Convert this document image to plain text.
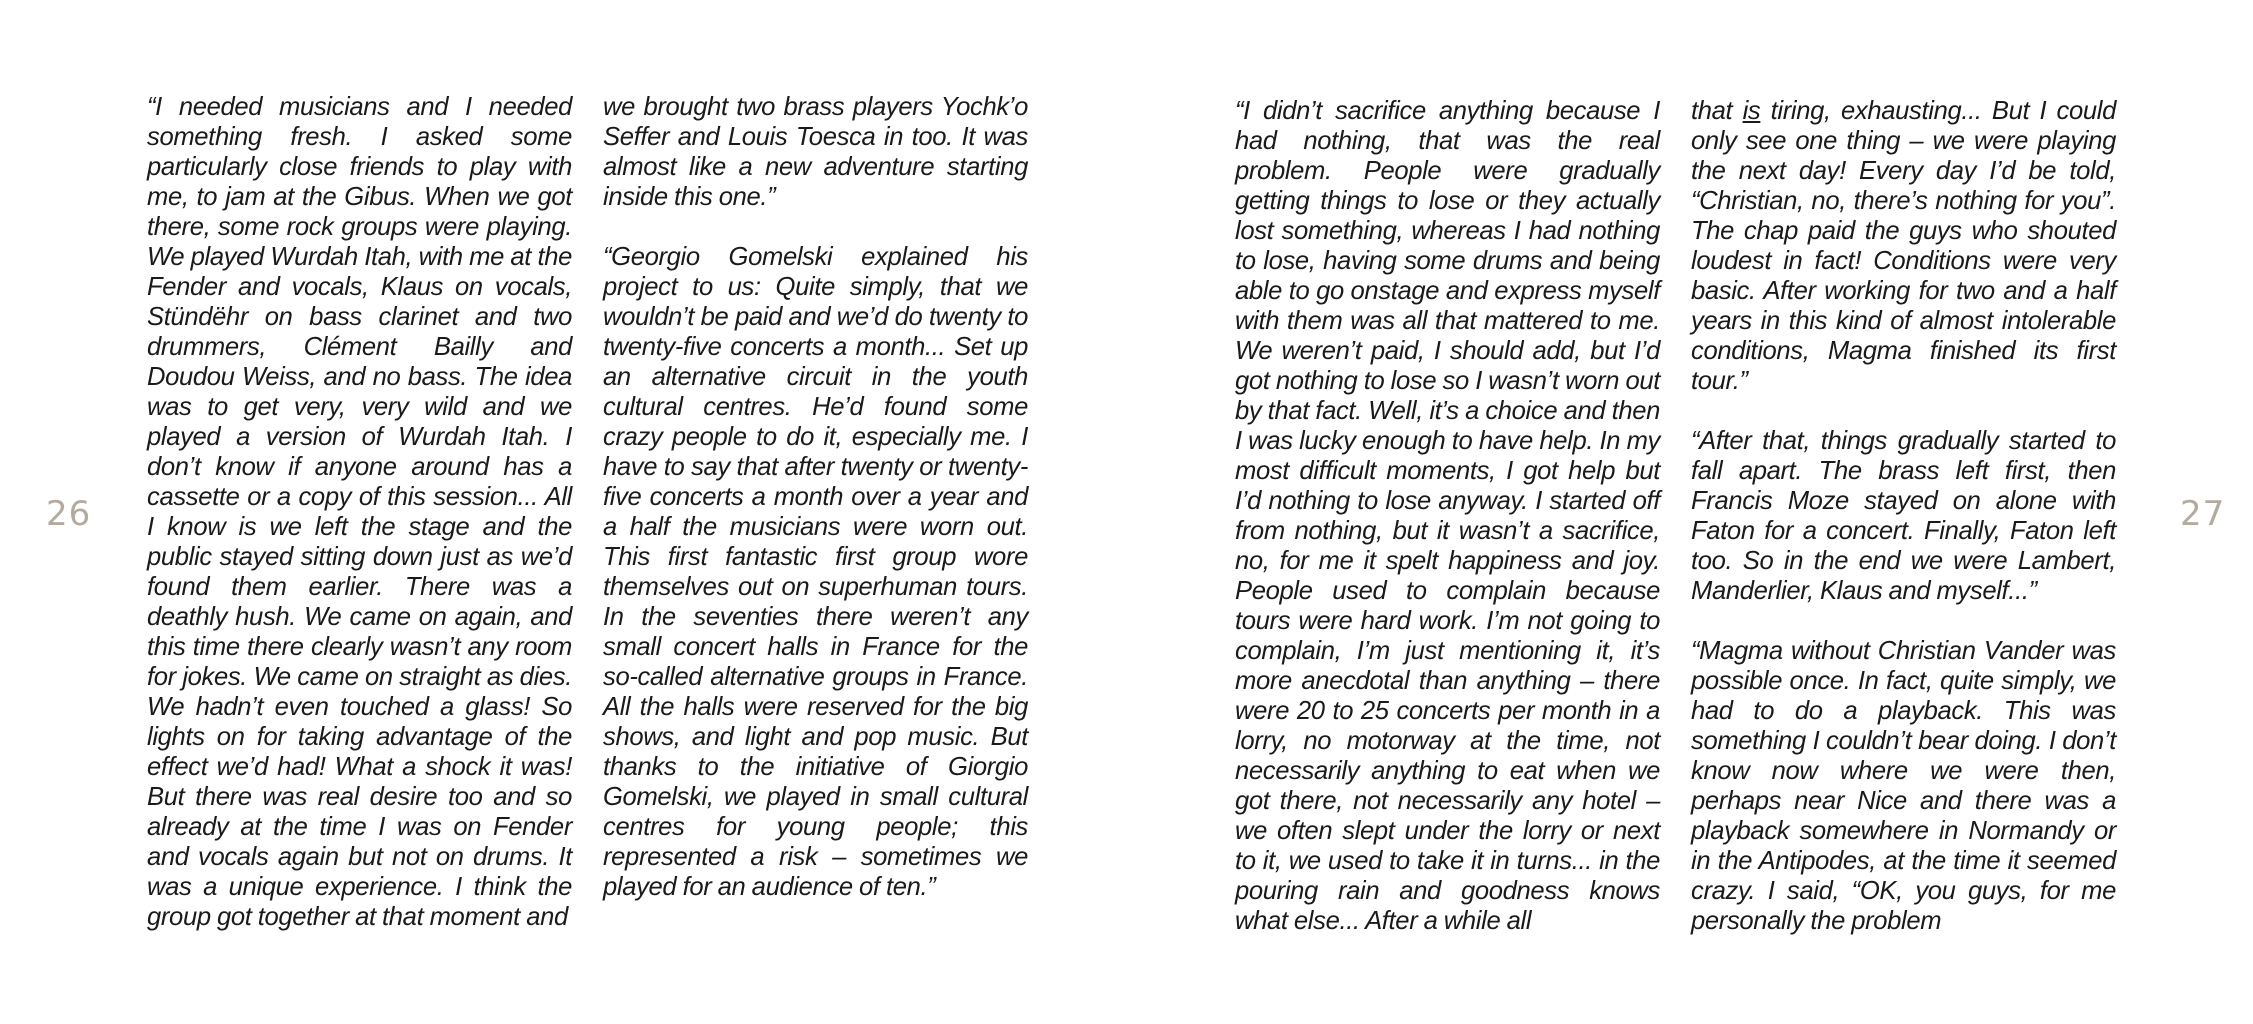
26

“I needed musicians and I needed something fresh. I asked some particularly close friends to play with me, to jam at the Gibus. When we got there, some rock groups were playing. We played Wurdah Itah, with me at the Fender and vocals, Klaus on vocals, Stündëhr on bass clarinet and two drummers, Clément Bailly and Doudou Weiss, and no bass. The idea was to get very, very wild and we played a version of Wurdah Itah. I don’t know if anyone around has a cassette or a copy of this session... All I know is we left the stage and the public stayed sitting down just as we’d found them earlier. There was a deathly hush. We came on again, and this time there clearly wasn’t any room for jokes. We came on straight as dies. We hadn’t even touched a glass! So lights on for taking advantage of the effect we’d had! What a shock it was! But there was real desire too and so already at the time I was on Fender and vocals again but not on drums. It was a unique experience. I think the group got together at that moment and

we brought two brass players Yochk’o Seffer and Louis Toesca in too. It was almost like a new adventure starting inside this one.”

“Georgio Gomelski explained his project to us: Quite simply, that we wouldn’t be paid and we’d do twenty to twenty-five concerts a month... Set up an alternative circuit in the youth cultural centres. He’d found some crazy people to do it, especially me. I have to say that after twenty or twenty-five concerts a month over a year and a half the musicians were worn out. This first fantastic first group wore themselves out on superhuman tours. In the seventies there weren’t any small concert halls in France for the so-called alternative groups in France. All the halls were reserved for the big shows, and light and pop music. But thanks to the initiative of Giorgio Gomelski, we played in small cultural centres for young people; this represented a risk – sometimes we played for an audience of ten.”

27

“I didn’t sacrifice anything because I had nothing, that was the real problem. People were gradually getting things to lose or they actually lost something, whereas I had nothing to lose, having some drums and being able to go onstage and express myself with them was all that mattered to me. We weren’t paid, I should add, but I’d got nothing to lose so I wasn’t worn out by that fact. Well, it’s a choice and then I was lucky enough to have help. In my most difficult moments, I got help but I’d nothing to lose anyway. I started off from nothing, but it wasn’t a sacrifice, no, for me it spelt happiness and joy. People used to complain because tours were hard work. I’m not going to complain, I’m just mentioning it, it’s more anecdotal than anything – there were 20 to 25 concerts per month in a lorry, no motorway at the time, not necessarily anything to eat when we got there, not necessarily any hotel – we often slept under the lorry or next to it, we used to take it in turns... in the pouring rain and goodness knows what else... After a while all

that is tiring, exhausting... But I could only see one thing – we were playing the next day! Every day I’d be told, “Christian, no, there’s nothing for you”. The chap paid the guys who shouted loudest in fact! Conditions were very basic. After working for two and a half years in this kind of almost intolerable conditions, Magma finished its first tour.”

“After that, things gradually started to fall apart. The brass left first, then Francis Moze stayed on alone with Faton for a concert. Finally, Faton left too. So in the end we were Lambert, Manderlier, Klaus and myself...”

“Magma without Christian Vander was possible once. In fact, quite simply, we had to do a playback. This was something I couldn’t bear doing. I don’t know now where we were then, perhaps near Nice and there was a playback somewhere in Normandy or in the Antipodes, at the time it seemed crazy. I said, “OK, you guys, for me personally the problem
